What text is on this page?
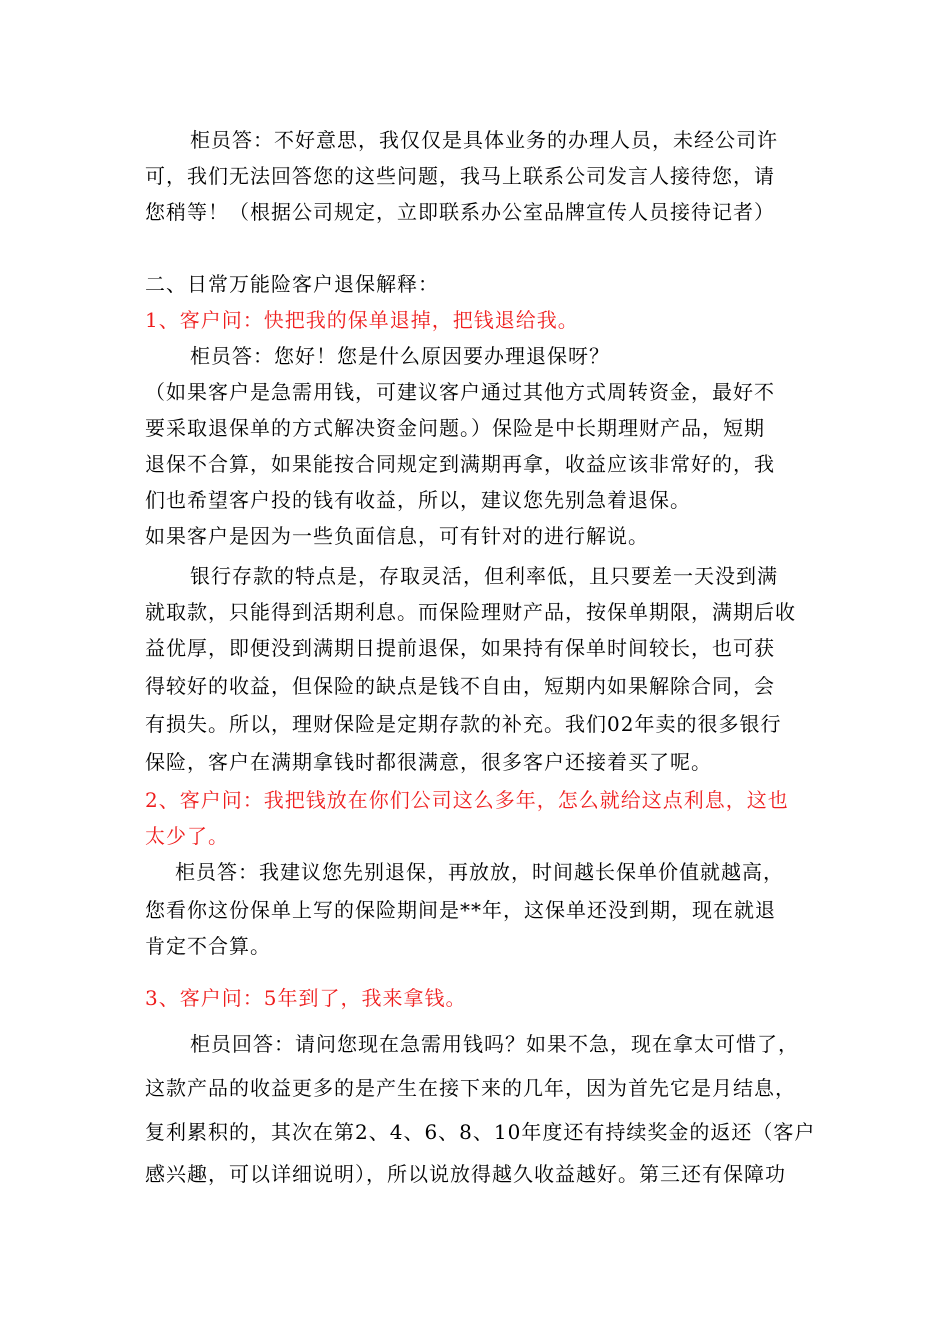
柜员答：不好意思，我仅仅是具体业务的办理人员，未经公司许
可，我们无法回答您的这些问题，我马上联系公司发言人接待您，请
您稍等！（根据公司规定，立即联系办公室品牌宣传人员接待记者）
二、日常万能险客户退保解释：
1、客户问：快把我的保单退掉，把钱退给我。
柜员答：您好！您是什么原因要办理退保呀？
（如果客户是急需用钱，可建议客户通过其他方式周转资金，最好不
要采取退保单的方式解决资金问题。）保险是中长期理财产品，短期
退保不合算，如果能按合同规定到满期再拿，收益应该非常好的，我
们也希望客户投的钱有收益，所以，建议您先别急着退保。
如果客户是因为一些负面信息，可有针对的进行解说。
银行存款的特点是，存取灵活，但利率低，且只要差一天没到满
就取款，只能得到活期利息。而保险理财产品，按保单期限，满期后收
益优厚，即便没到满期日提前退保，如果持有保单时间较长，也可获
得较好的收益，但保险的缺点是钱不自由，短期内如果解除合同，会
有损失。所以，理财保险是定期存款的补充。我们02年卖的很多银行
保险，客户在满期拿钱时都很满意，很多客户还接着买了呢。
2、客户问：我把钱放在你们公司这么多年，怎么就给这点利息，这也
太少了。
柜员答：我建议您先别退保，再放放，时间越长保单价值就越高，
您看你这份保单上写的保险期间是**年，这保单还没到期，现在就退
肯定不合算。
3、客户问：5年到了，我来拿钱。
柜员回答：请问您现在急需用钱吗？如果不急，现在拿太可惜了，
这款产品的收益更多的是产生在接下来的几年，因为首先它是月结息，
复利累积的，其次在第2、4、6、8、10年度还有持续奖金的返还（客户
感兴趣，可以详细说明），所以说放得越久收益越好。第三还有保障功
